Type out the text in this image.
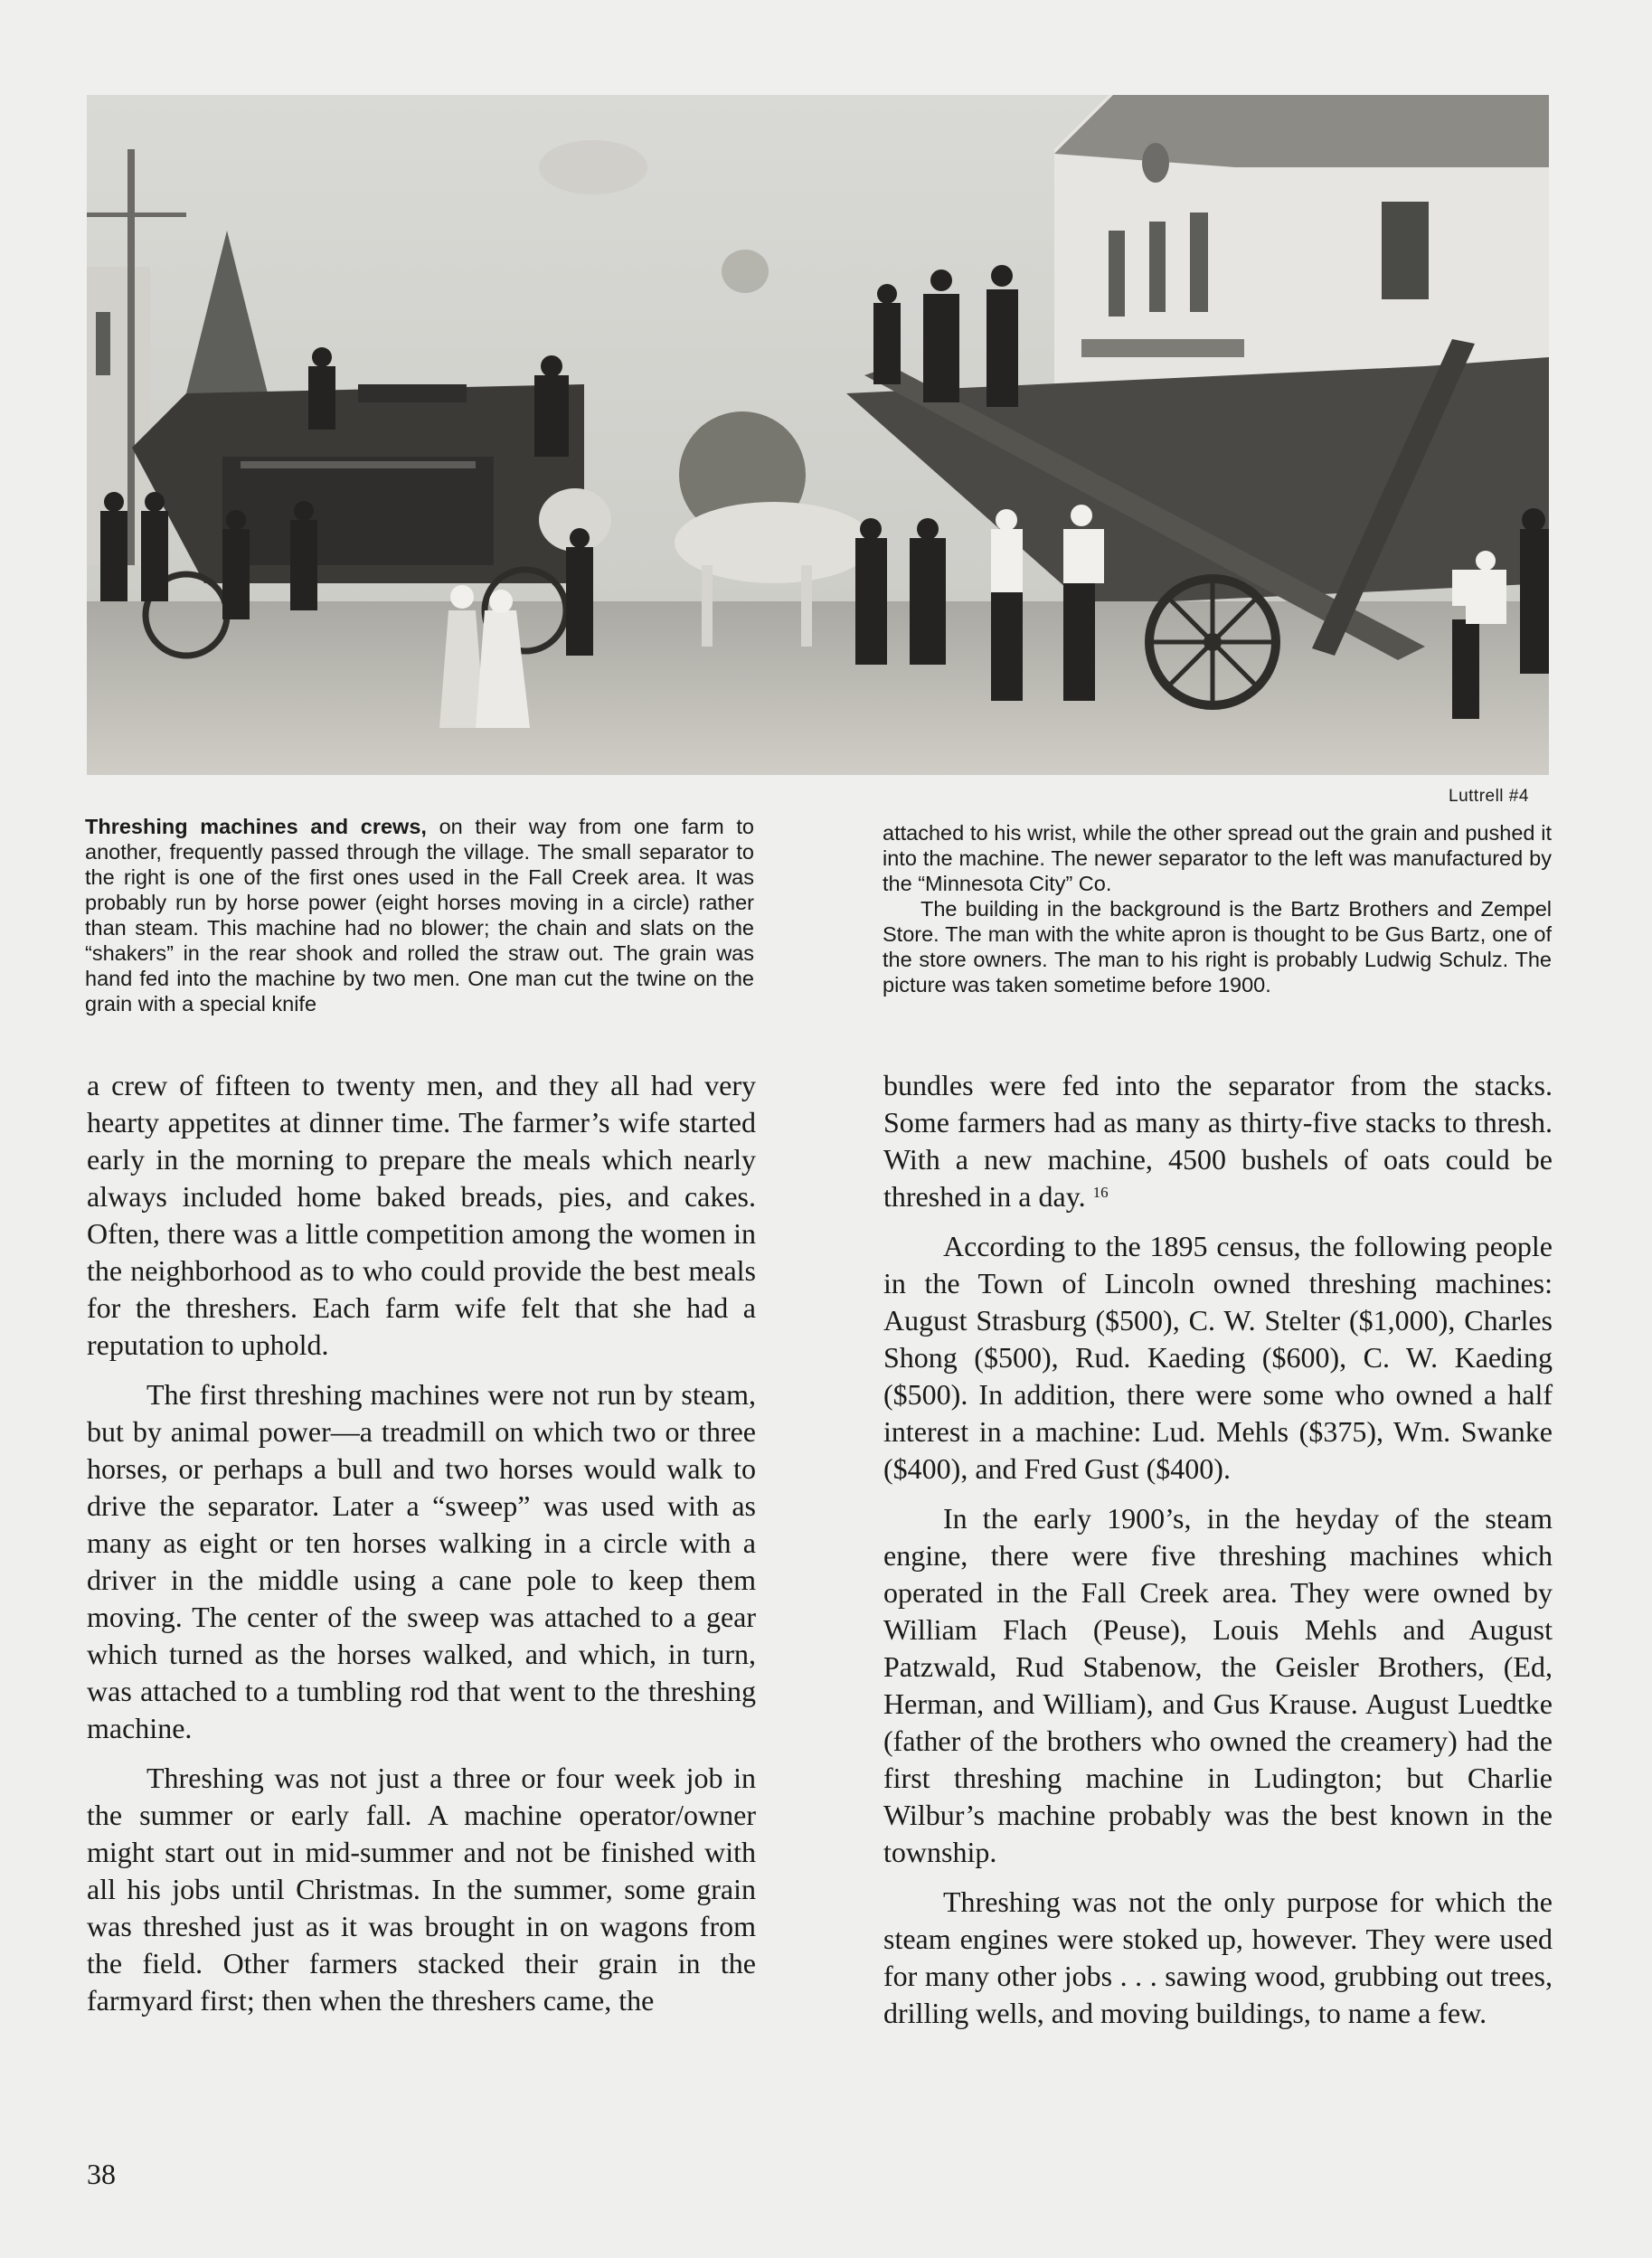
Luttrell #4

Threshing machines and crews, on their way from one farm to another, frequently passed through the village. The small separator to the right is one of the first ones used in the Fall Creek area. It was probably run by horse power (eight horses moving in a circle) rather than steam. This machine had no blower; the chain and slats on the “shakers” in the rear shook and rolled the straw out. The grain was hand fed into the machine by two men. One man cut the twine on the grain with a special knife

attached to his wrist, while the other spread out the grain and pushed it into the machine. The newer separator to the left was manufactured by the “Minnesota City” Co.

The building in the background is the Bartz Brothers and Zempel Store. The man with the white apron is thought to be Gus Bartz, one of the store owners. The man to his right is probably Ludwig Schulz. The picture was taken sometime before 1900.

a crew of fifteen to twenty men, and they all had very hearty appetites at dinner time. The farmer’s wife started early in the morning to prepare the meals which nearly always included home baked breads, pies, and cakes. Often, there was a little competition among the women in the neighborhood as to who could provide the best meals for the threshers. Each farm wife felt that she had a reputation to uphold.

The first threshing machines were not run by steam, but by animal power—a treadmill on which two or three horses, or perhaps a bull and two horses would walk to drive the separator. Later a “sweep” was used with as many as eight or ten horses walking in a circle with a driver in the middle using a cane pole to keep them moving. The center of the sweep was attached to a gear which turned as the horses walked, and which, in turn, was attached to a tumbling rod that went to the threshing machine.

Threshing was not just a three or four week job in the summer or early fall. A machine operator/owner might start out in mid-summer and not be finished with all his jobs until Christmas. In the summer, some grain was threshed just as it was brought in on wagons from the field. Other farmers stacked their grain in the farmyard first; then when the threshers came, the

bundles were fed into the separator from the stacks. Some farmers had as many as thirty-five stacks to thresh. With a new machine, 4500 bushels of oats could be threshed in a day. $^{16}$

According to the 1895 census, the following people in the Town of Lincoln owned threshing machines: August Strasburg ($500), C. W. Stelter ($1,000), Charles Shong ($500), Rud. Kaeding ($600), C. W. Kaeding ($500). In addition, there were some who owned a half interest in a machine: Lud. Mehls ($375), Wm. Swanke ($400), and Fred Gust ($400).

In the early 1900’s, in the heyday of the steam engine, there were five threshing machines which operated in the Fall Creek area. They were owned by William Flach (Peuse), Louis Mehls and August Patzwald, Rud Stabenow, the Geisler Brothers, (Ed, Herman, and William), and Gus Krause. August Luedtke (father of the brothers who owned the creamery) had the first threshing machine in Ludington; but Charlie Wilbur’s machine probably was the best known in the township.

Threshing was not the only purpose for which the steam engines were stoked up, however. They were used for many other jobs . . . sawing wood, grubbing out trees, drilling wells, and moving buildings, to name a few.

38
